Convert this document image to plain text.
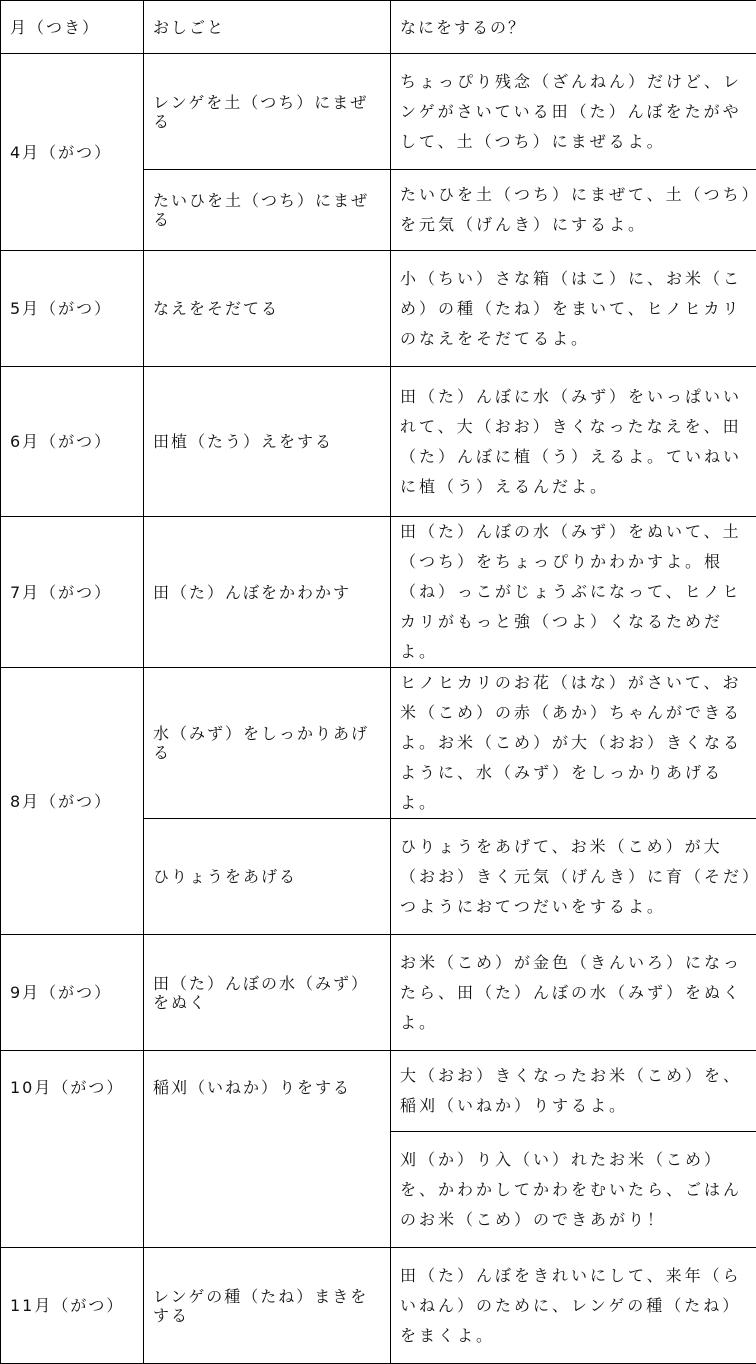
月（つき）	おしごと	なにをするの？
4月（がつ）	レンゲを土（つち）にまぜる	ちょっぴり残念（ざんねん）だけど、レンゲがさいている田（た）んぼをたがやして、土（つち）にまぜるよ。
	たいひを土（つち）にまぜる	たいひを土（つち）にまぜて、土（つち）を元気（げんき）にするよ。
5月（がつ）	なえをそだてる	小（ちい）さな箱（はこ）に、お米（こめ）の種（たね）をまいて、ヒノヒカリのなえをそだてるよ。
6月（がつ）	田植（たう）えをする	田（た）んぼに水（みず）をいっぱいいれて、大（おお）きくなったなえを、田（た）んぼに植（う）えるよ。ていねいに植（う）えるんだよ。
7月（がつ）	田（た）んぼをかわかす	田（た）んぼの水（みず）をぬいて、土（つち）をちょっぴりかわかすよ。根（ね）っこがじょうぶになって、ヒノヒカリがもっと強（つよ）くなるためだよ。
8月（がつ）	水（みず）をしっかりあげる	ヒノヒカリのお花（はな）がさいて、お米（こめ）の赤（あか）ちゃんができるよ。お米（こめ）が大（おお）きくなるように、水（みず）をしっかりあげるよ。
	ひりょうをあげる	ひりょうをあげて、お米（こめ）が大（おお）きく元気（げんき）に育（そだ）つようにおてつだいをするよ。
9月（がつ）	田（た）んぼの水（みず）をぬく	お米（こめ）が金色（きんいろ）になったら、田（た）んぼの水（みず）をぬくよ。
10月（がつ）	稲刈（いねか）りをする	大（おお）きくなったお米（こめ）を、稲刈（いねか）りするよ。
		刈（か）り入（い）れたお米（こめ）を、かわかしてかわをむいたら、ごはんのお米（こめ）のできあがり！
11月（がつ）	レンゲの種（たね）まきをする	田（た）んぼをきれいにして、来年（らいねん）のために、レンゲの種（たね）をまくよ。
